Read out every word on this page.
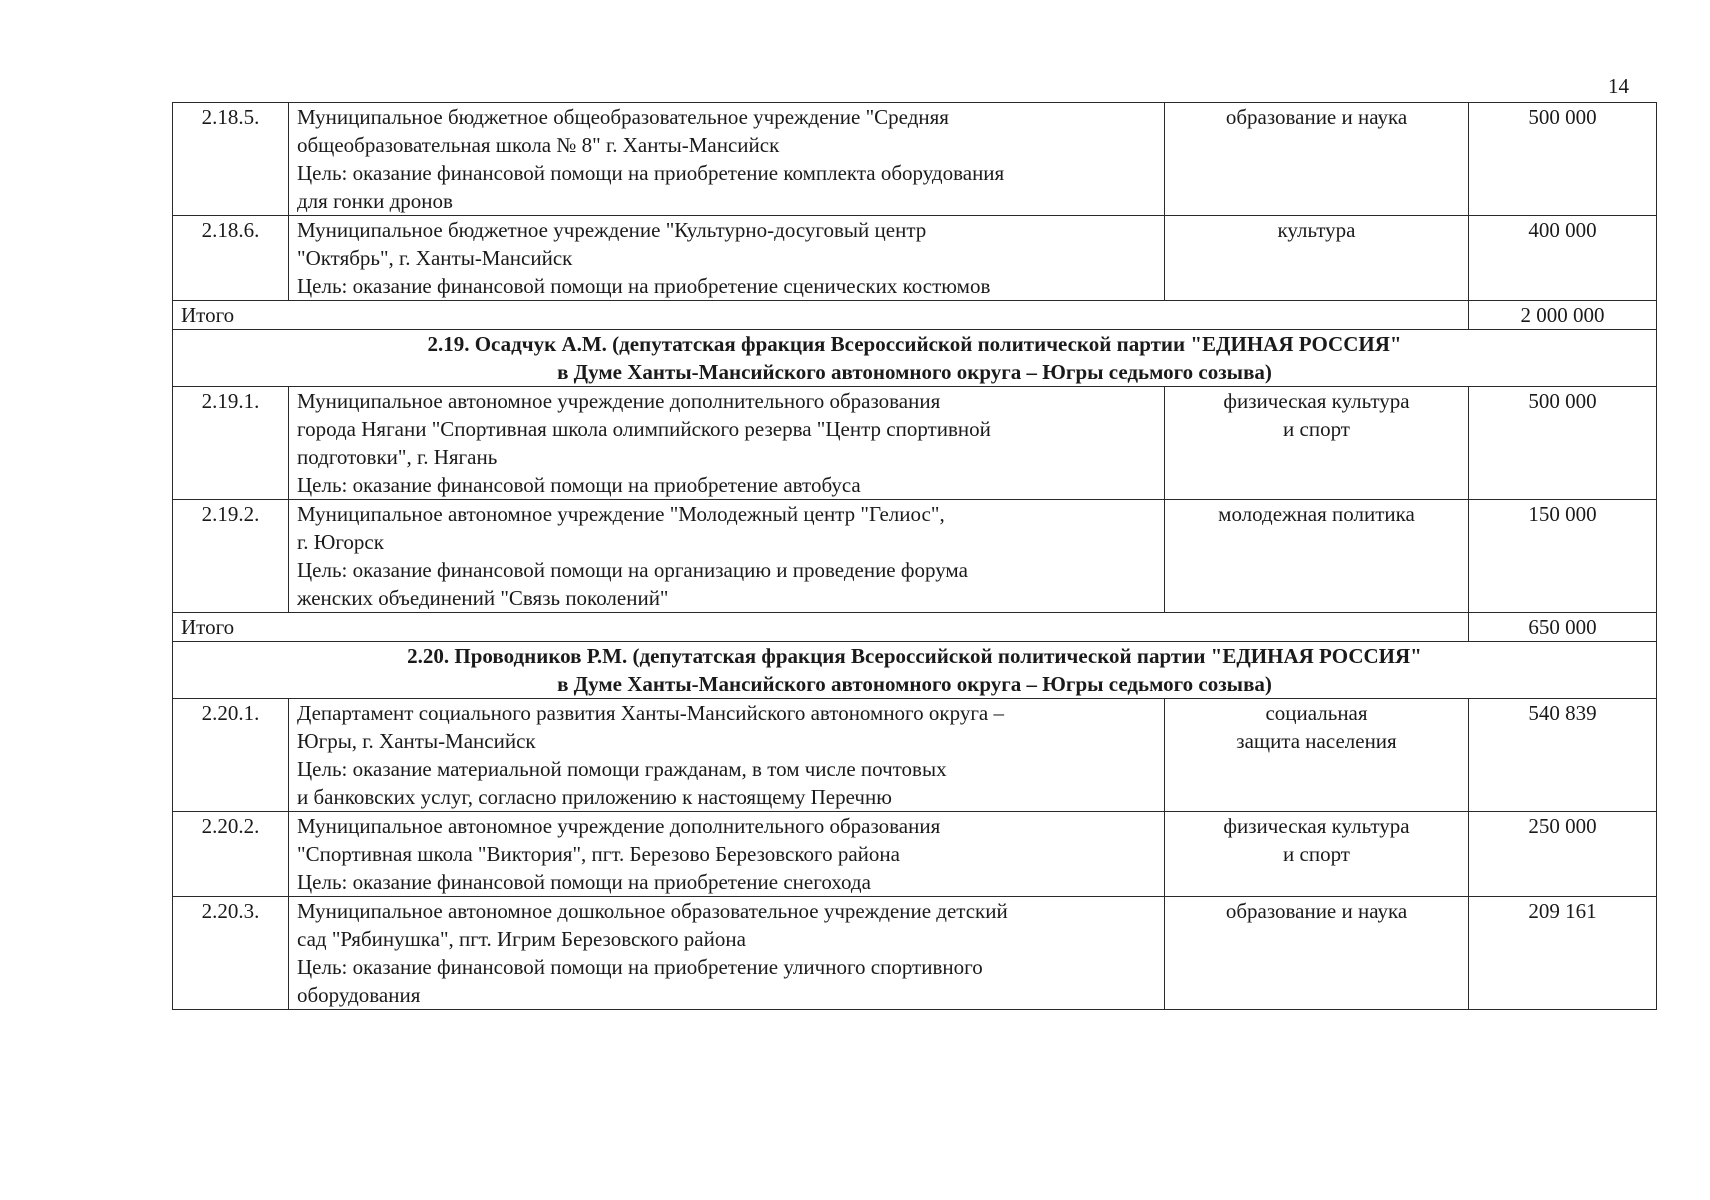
14
2.18.5.	Муниципальное бюджетное общеобразовательное учреждение "Средняя
общеобразовательная школа № 8" г. Ханты-Мансийск
Цель: оказание финансовой помощи на приобретение комплекта оборудования
для гонки дронов	образование и наука	500 000
2.18.6.	Муниципальное бюджетное учреждение "Культурно-досуговый центр
"Октябрь", г. Ханты-Мансийск
Цель: оказание финансовой помощи на приобретение сценических костюмов	культура	400 000
Итого			2 000 000

2.19. Осадчук А.М. (депутатская фракция Всероссийской политической партии "ЕДИНАЯ РОССИЯ"
в Думе Ханты-Мансийского автономного округа – Югры седьмого созыва)			

2.19.1.	Муниципальное автономное учреждение дополнительного образования
города Нягани "Спортивная школа олимпийского резерва "Центр спортивной
подготовки", г. Нягань
Цель: оказание финансовой помощи на приобретение автобуса	физическая культура
и спорт	500 000
2.19.2.	Муниципальное автономное учреждение "Молодежный центр "Гелиос",
г. Югорск
Цель: оказание финансовой помощи на организацию и проведение форума
женских объединений "Связь поколений"	молодежная политика	150 000
Итого			650 000

2.20. Проводников Р.М. (депутатская фракция Всероссийской политической партии "ЕДИНАЯ РОССИЯ"
в Думе Ханты-Мансийского автономного округа – Югры седьмого созыва)			

2.20.1.	Департамент социального развития Ханты-Мансийского автономного округа –
Югры, г. Ханты-Мансийск
Цель: оказание материальной помощи гражданам, в том числе почтовых
и банковских услуг, согласно приложению к настоящему Перечню	социальная
защита населения	540 839
2.20.2.	Муниципальное автономное учреждение дополнительного образования
"Спортивная школа "Виктория", пгт. Березово Березовского района
Цель: оказание финансовой помощи на приобретение снегохода	физическая культура
и спорт	250 000
2.20.3.	Муниципальное автономное дошкольное образовательное учреждение детский
сад "Рябинушка", пгт. Игрим Березовского района
Цель: оказание финансовой помощи на приобретение уличного спортивного
оборудования	образование и наука	209 161
